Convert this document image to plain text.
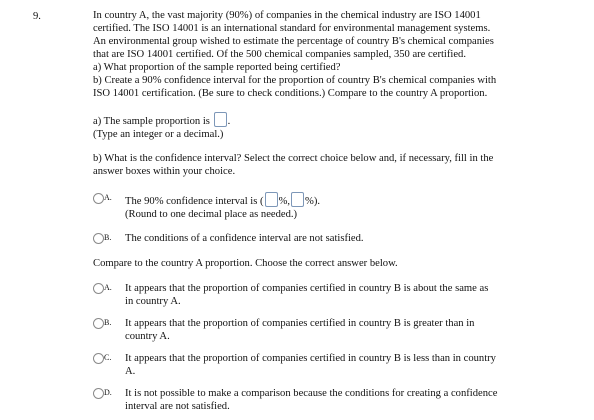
9.	In country A, the vast majority (90%) of companies in the chemical industry are ISO 14001

certified. The ISO 14001 is an international standard for environmental management systems.

An environmental group wished to estimate the percentage of country B's chemical companies

that are ISO 14001 certified. Of the 500 chemical companies sampled, 350 are certified.

a) What proportion of the sample reported being certified?

b) Create a 90% confidence interval for the proportion of country B's chemical companies with

ISO 14001 certification. (Be sure to check conditions.) Compare to the country A proportion.

a) The sample proportion is .
(Type an integer or a decimal.)
b) What is the confidence interval? Select the correct choice below and, if necessary, fill in the
answer boxes within your choice.
A. The 90% confidence interval is ( %, %).
(Round to one decimal place as needed.)
B. The conditions of a confidence interval are not satisfied.
Compare to the country A proportion. Choose the correct answer below.
A. It appears that the proportion of companies certified in country B is about the same as
in country A.
B. It appears that the proportion of companies certified in country B is greater than in
country A.
C. It appears that the proportion of companies certified in country B is less than in country
A.
D. It is not possible to make a comparison because the conditions for creating a confidence
interval are not satisfied.
